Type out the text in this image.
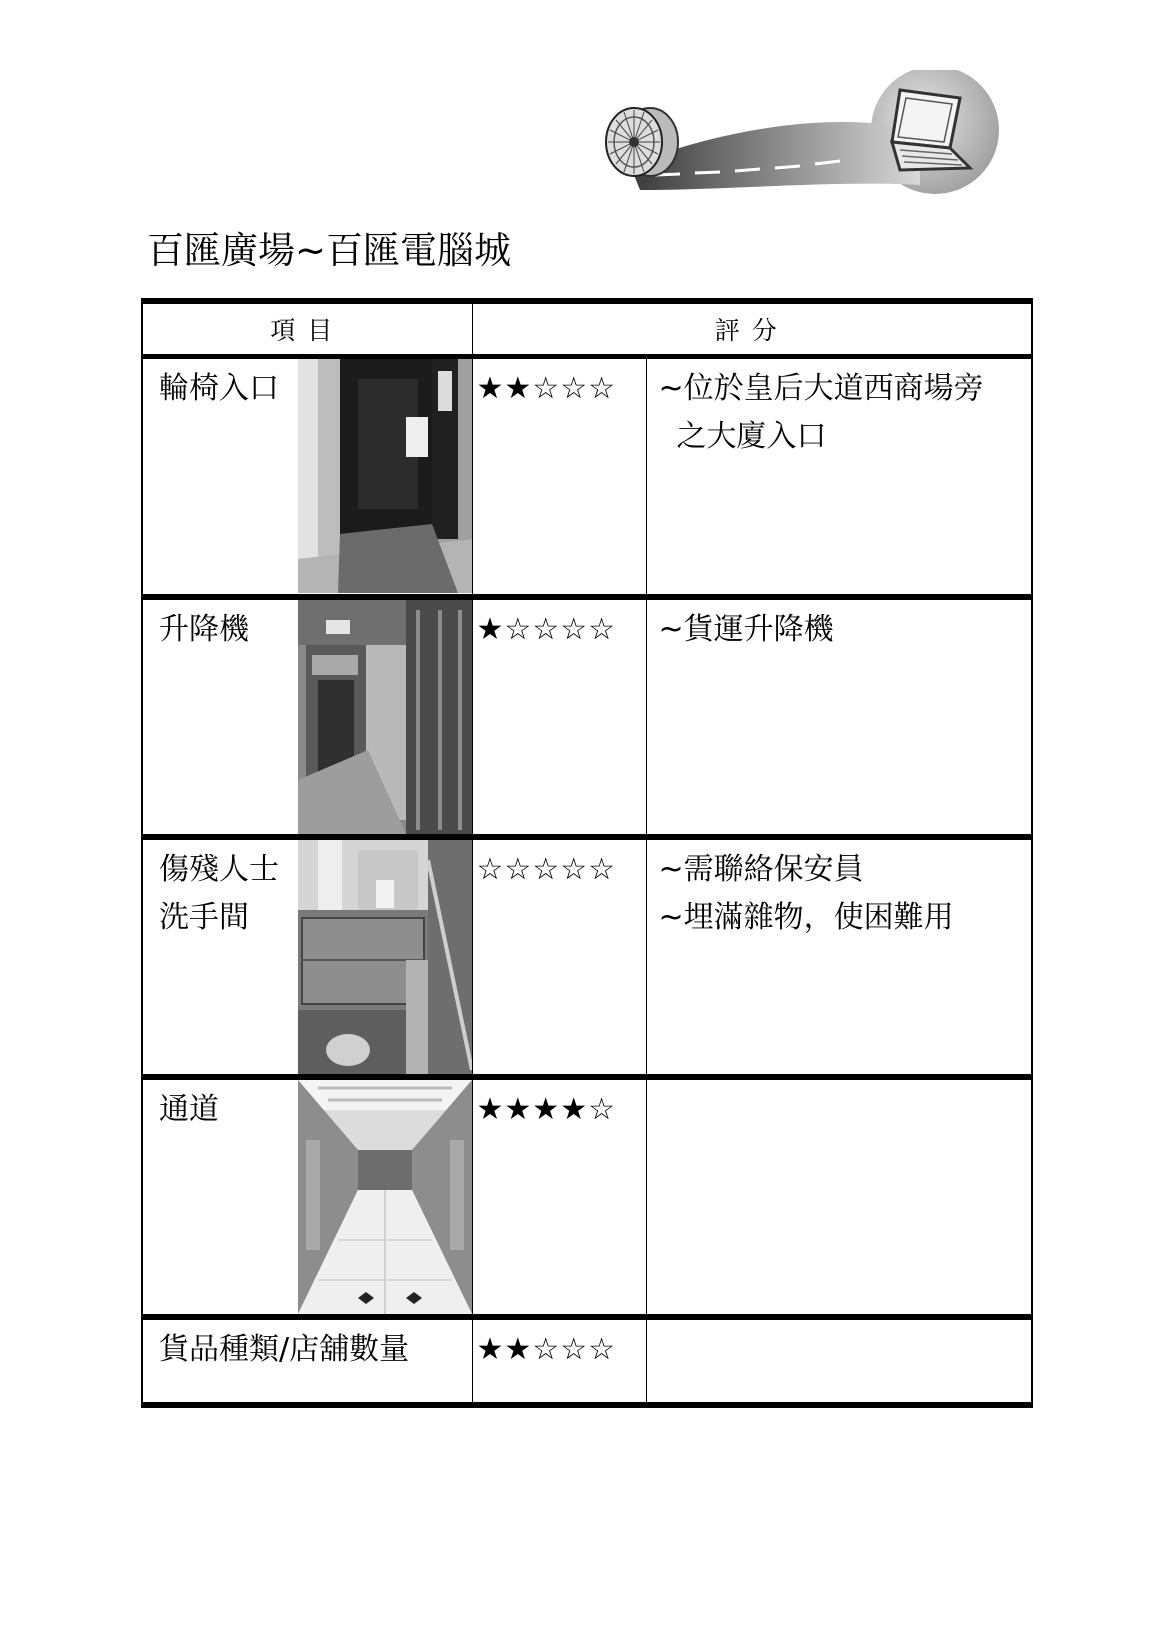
百匯廣場~百匯電腦城
項目		評分	

輪椅入口		★★☆☆☆	~位於皇后大道西商場旁
之大廈入口

升降機		★☆☆☆☆	~貨運升降機

傷殘人士
洗手間		☆☆☆☆☆	~需聯絡保安員
~埋滿雜物，使困難用

通道		★★★★☆	

貨品種類/店舖數量		★★☆☆☆	
